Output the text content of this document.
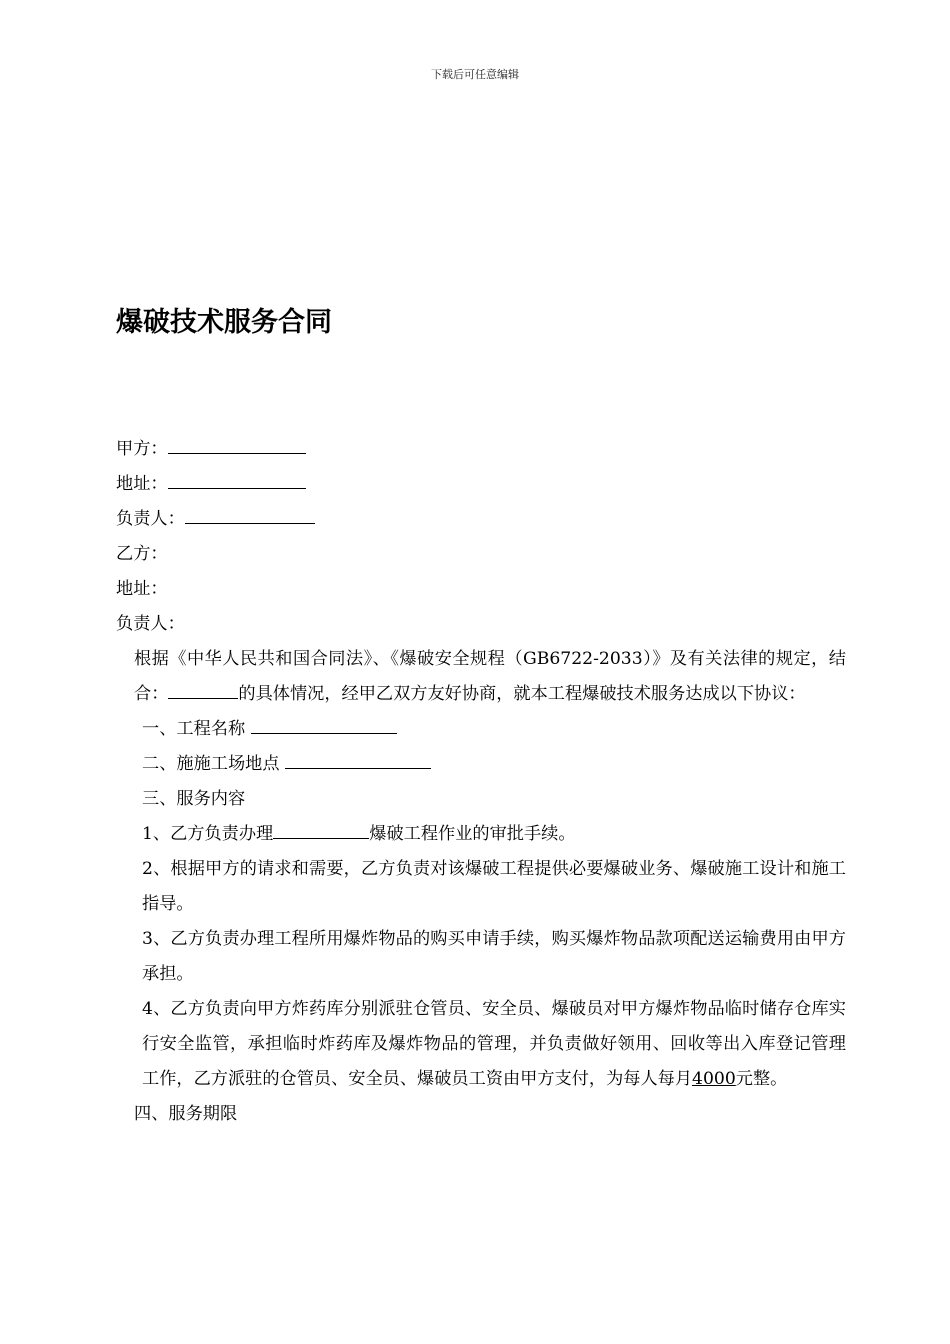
下载后可任意编辑
爆破技术服务合同
甲方：
地址：
负责人：
乙方：
地址：
负责人：
根据《中华人民共和国合同法》、《爆破安全规程（GB6722-2033）》及有关法律的规定，结合：	的具体情况，经甲乙双方友好协商，就本工程爆破技术服务达成以下协议：
一、工程名称
二、施施工场地点
三、服务内容
1、乙方负责办理	爆破工程作业的审批手续。
2、根据甲方的请求和需要，乙方负责对该爆破工程提供必要爆破业务、爆破施工设计和施工指导。
3、乙方负责办理工程所用爆炸物品的购买申请手续，购买爆炸物品款项配送运输费用由甲方承担。
4、乙方负责向甲方炸药库分别派驻仓管员、安全员、爆破员对甲方爆炸物品临时储存仓库实行安全监管，承担临时炸药库及爆炸物品的管理，并负责做好领用、回收等出入库登记管理工作，乙方派驻的仓管员、安全员、爆破员工资由甲方支付，为每人每月4000元整。
四、服务期限
